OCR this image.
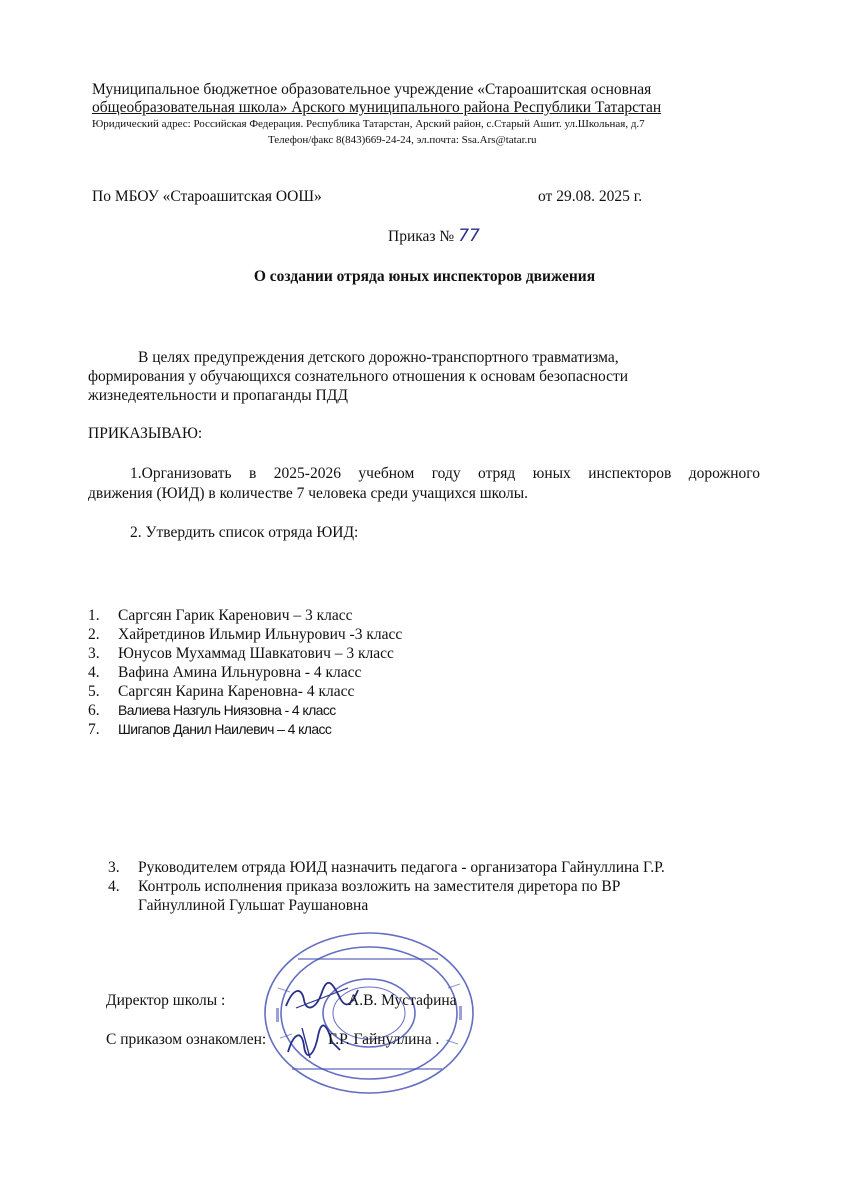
Муниципальное бюджетное образовательное учреждение «Староашитская основная
общеобразовательная школа» Арского муниципального района Республики Татарстан
Юридический адрес: Российская Федерация. Республика Татарстан, Арский район, с.Старый Ашит. ул.Школьная, д.7
Телефон/факс 8(843)669-24-24, эл.почта: Ssa.Ars@tatar.ru
По МБОУ «Староашитская ООШ»	от 29.08. 2025 г.
Приказ № 77
О создании отряда юных инспекторов движения
В целях предупреждения детского дорожно-транспортного травматизма,
формирования у обучающихся сознательного отношения к основам безопасности
жизнедеятельности и пропаганды ПДД
ПРИКАЗЫВАЮ:
1.Организовать в 2025-2026 учебном году отряд юных инспекторов дорожного
движения (ЮИД) в количестве 7 человека среди учащихся школы.
2. Утвердить список отряда ЮИД:
1.	Саргсян Гарик Каренович – 3 класс
2.	Хайретдинов Ильмир Ильнурович -3 класс
3.	Юнусов Мухаммад Шавкатович – 3 класс
4.	Вафина Амина Ильнуровна - 4 класс
5.	Саргсян Карина Кареновна- 4 класс
6.	Валиева Назгуль Ниязовна - 4 класс
7.	Шигапов Данил Наилевич – 4 класс
3. Руководителем отряда ЮИД назначить педагога - организатора Гайнуллина Г.Р.
4. Контроль исполнения приказа возложить на заместителя диретора по ВР
Гайнуллиной Гульшат Раушановна
Директор школы :	А.В. Мустафина
С приказом ознакомлен:	Г.Р. Гайнуллина .
